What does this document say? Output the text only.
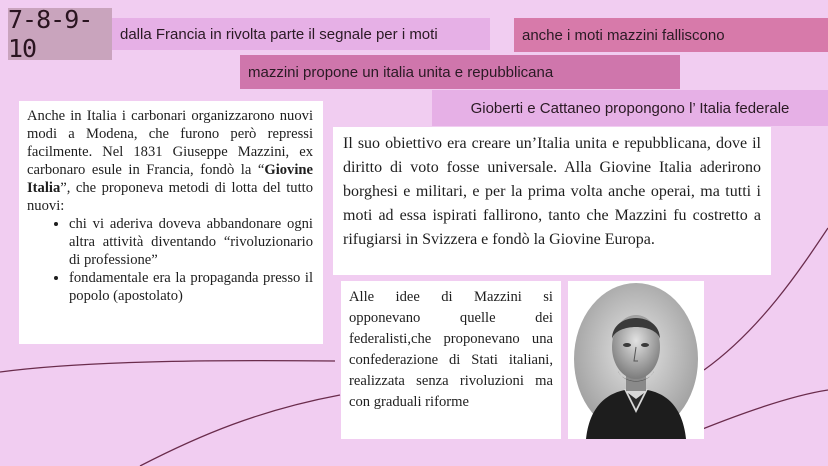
7-8-9-10	dalla Francia in rivolta parte il segnale per i moti	anche i moti mazzini falliscono
mazzini propone un italia unita e repubblicana
Gioberti e Cattaneo propongono l’ Italia federale

Anche in Italia i carbonari organizzarono nuovi modi a Modena, che furono però repressi facilmente. Nel 1831 Giuseppe Mazzini, ex carbonaro esule in Francia, fondò la “Giovine Italia”, che proponeva metodi di lotta del tutto nuovi:

• chi vi aderiva doveva abbandonare ogni altra attività diventando “rivoluzionario di professione”
• fondamentale era la propaganda presso il popolo (apostolato)
Il suo obiettivo era creare un’Italia unita e repubblicana, dove il diritto di voto fosse universale. Alla Giovine Italia aderirono borghesi e militari, e per la prima volta anche operai, ma tutti i moti ad essa ispirati fallirono, tanto che Mazzini fu costretto a rifugiarsi in Svizzera e fondò la Giovine Europa.
Alle idee di Mazzini si opponevano quelle dei federalisti,che proponevano una confederazione di Stati italiani, realizzata senza rivoluzioni ma con graduali riforme
